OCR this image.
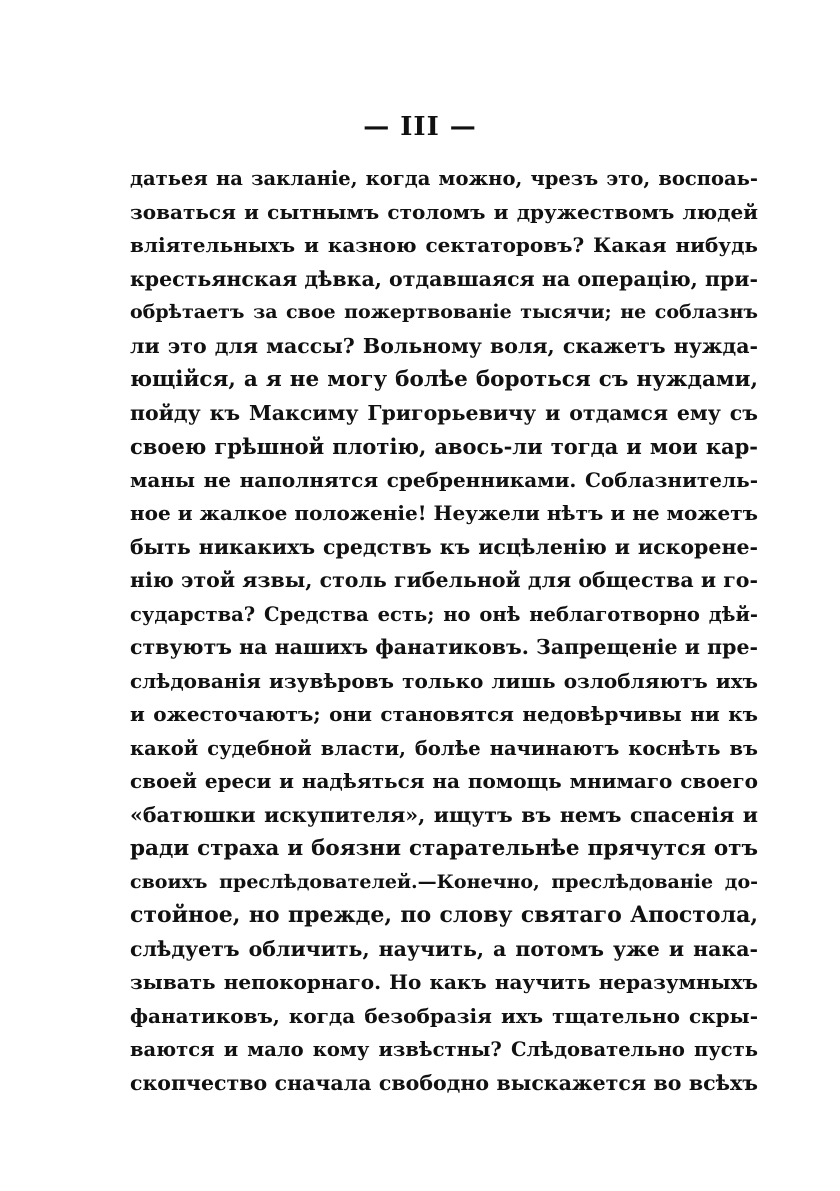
— III —
датьея на закланіе, когда можно, чрезъ это, воспоаь-
зоваться и сытнымъ столомъ и дружествомъ людей
вліятельныхъ и казною сектаторовъ? Какая нибудь
крестьянская дѣвка, отдавшаяся на операцію, при-
обрѣтаетъ за свое пожертвованіе тысячи; не соблазнъ
ли это для массы? Вольному воля, скажетъ нужда-
ющійся, а я не могу болѣе бороться съ нуждами,
пойду къ Максиму Григорьевичу и отдамся ему съ
своею грѣшной плотію, авось-ли тогда и мои кар-
маны не наполнятся сребренниками. Соблазнитель-
ное и жалкое положеніе! Неужели нѣтъ и не можетъ
быть никакихъ средствъ къ исцѣленію и искорене-
нію этой язвы, столь гибельной для общества и го-
сударства? Средства есть; но онѣ неблаготворно дѣй-
ствуютъ на нашихъ фанатиковъ. Запрещеніе и пре-
слѣдованія изувѣровъ только лишь озлобляютъ ихъ
и ожесточаютъ; они становятся недовѣрчивы ни къ
какой судебной власти, болѣе начинаютъ коснѣть въ
своей ереси и надѣяться на помощь мнимаго своего
«батюшки искупителя», ищутъ въ немъ спасенія и
ради страха и боязни старательнѣе прячутся отъ
своихъ преслѣдователей.—Конечно, преслѣдованіе до-
стойное, но прежде, по слову святаго Апостола,
слѣдуетъ обличить, научить, а потомъ уже и нака-
зывать непокорнаго. Но какъ научить неразумныхъ
фанатиковъ, когда безобразія ихъ тщательно скры-
ваются и мало кому извѣстны? Слѣдовательно пусть
скопчество сначала свободно выскажется во всѣхъ
